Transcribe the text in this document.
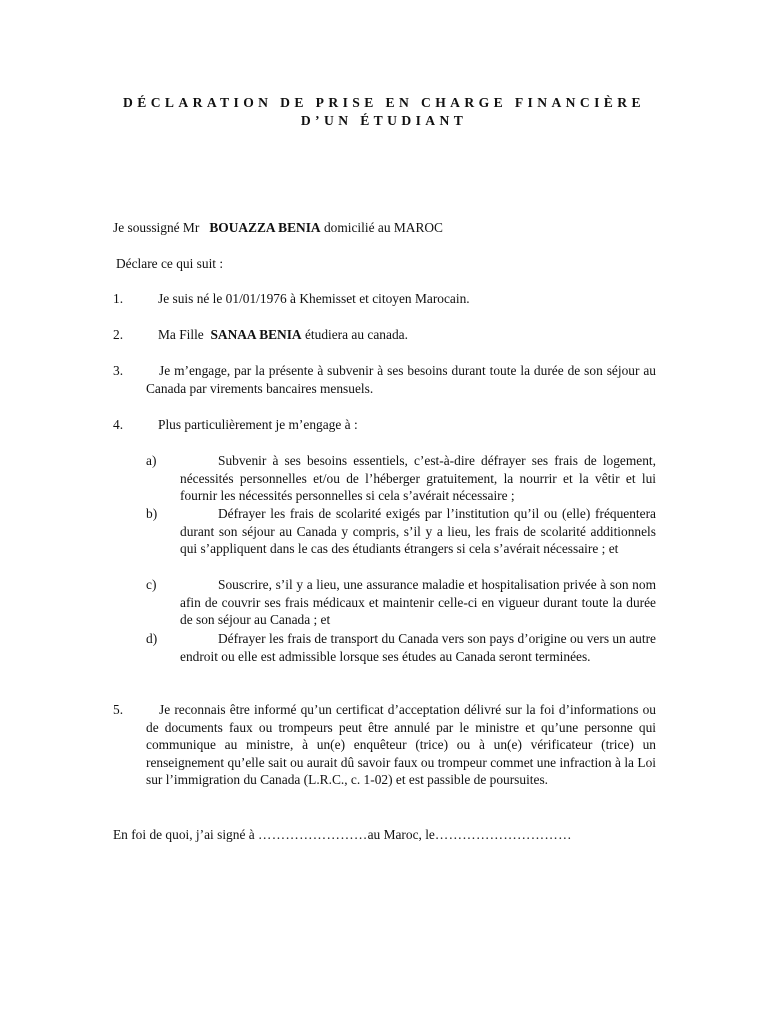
DÉCLARATION DE PRISE EN CHARGE FINANCIÈRE
D’UN ÉTUDIANT
Je soussigné Mr BOUAZZA BENIA domicilié au MAROC
Déclare ce qui suit :
1.	Je suis né le 01/01/1976 à Khemisset et citoyen Marocain.
2.	Ma Fille SANAA BENIA étudiera au canada.
3.	Je m’engage, par la présente à subvenir à ses besoins durant toute la durée de son séjour au Canada par virements bancaires mensuels.
4.	Plus particulièrement je m’engage à :
a)	Subvenir à ses besoins essentiels, c’est-à-dire défrayer ses frais de logement, nécessités personnelles et/ou de l’héberger gratuitement, la nourrir et la vêtir et lui fournir les nécessités personnelles si cela s’avérait nécessaire ;
b)	Défrayer les frais de scolarité exigés par l’institution qu’il ou (elle) fréquentera durant son séjour au Canada y compris, s’il y a lieu, les frais de scolarité additionnels qui s’appliquent dans le cas des étudiants étrangers si cela s’avérait nécessaire ; et
c)	Souscrire, s’il y a lieu, une assurance maladie et hospitalisation privée à son nom afin de couvrir ses frais médicaux et maintenir celle-ci en vigueur durant toute la durée de son séjour au Canada ; et
d)	Défrayer les frais de transport du Canada vers son pays d’origine ou vers un autre endroit ou elle est admissible lorsque ses études au Canada seront terminées.
5.	Je reconnais être informé qu’un certificat d’acceptation délivré sur la foi d’informations ou de documents faux ou trompeurs peut être annulé par le ministre et qu’une personne qui communique au ministre, à un(e) enquêteur (trice) ou à un(e) vérificateur (trice) un renseignement qu’elle sait ou aurait dû savoir faux ou trompeur commet une infraction à la Loi sur l’immigration du Canada (L.R.C., c. 1-02) et est passible de poursuites.
En foi de quoi, j’ai signé à ……………………au Maroc, le…………………………
